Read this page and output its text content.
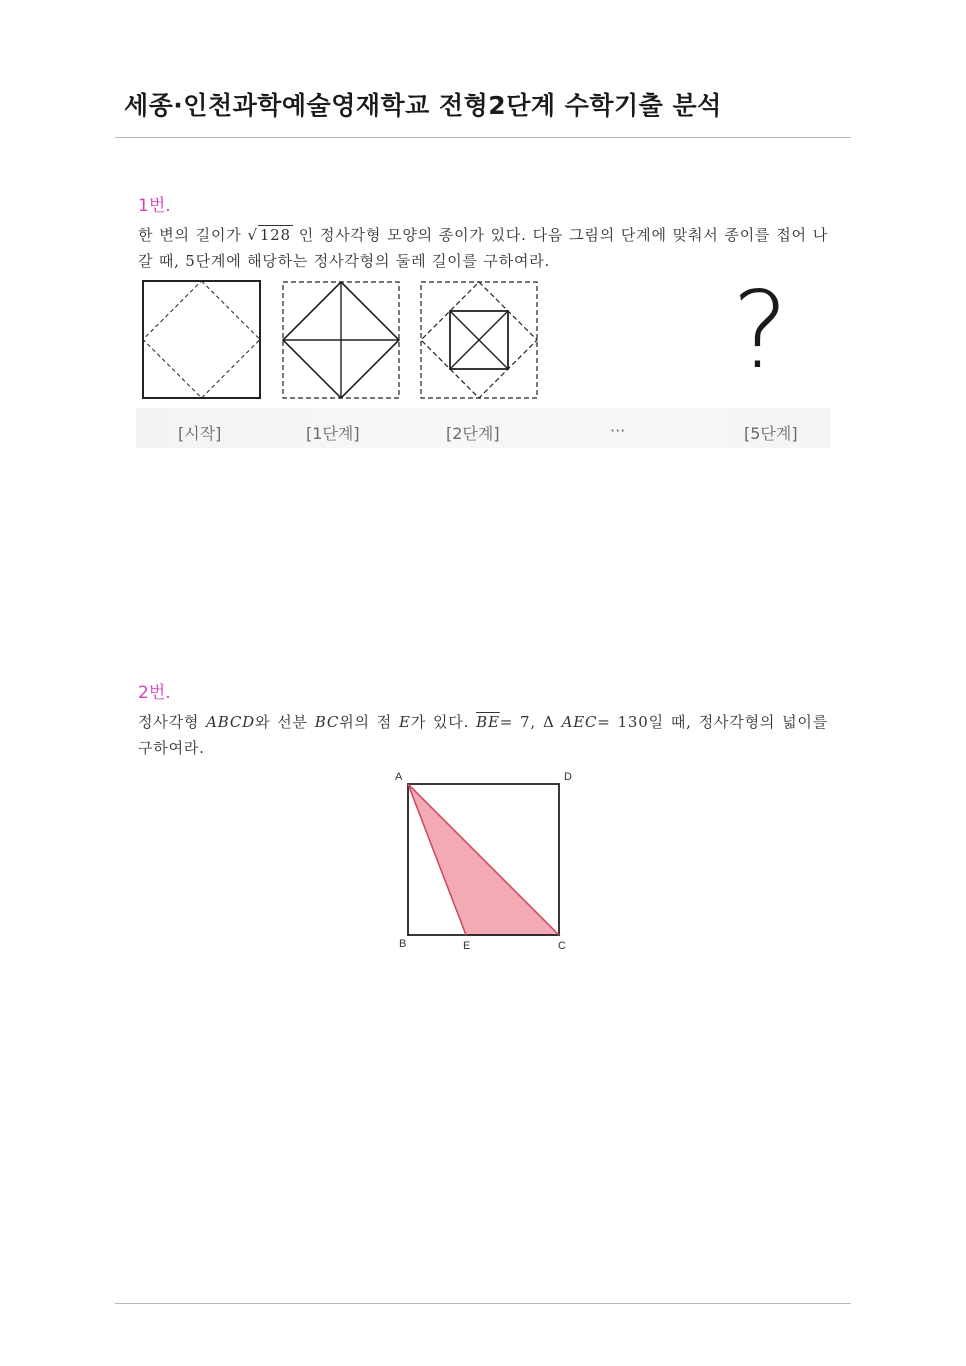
세종·인천과학예술영재학교 전형2단계 수학기출 분석
1번.
한 변의 길이가 √ 128 인 정사각형 모양의 종이가 있다. 다음 그림의 단계에 맞춰서 종이를 접어 나갈 때, 5단계에 해당하는 정사각형의 둘레 길이를 구하여라.
?
[시작]	[1단계]	[2단계]	···	[5단계]
2번.
정사각형 ABCD와 선분 BC위의 점 E가 있다. $\overline{BE}= 7$, Δ AEC= 130일 때, 정사각형의 넓이를 구하여라.
A	D
B	E	C
